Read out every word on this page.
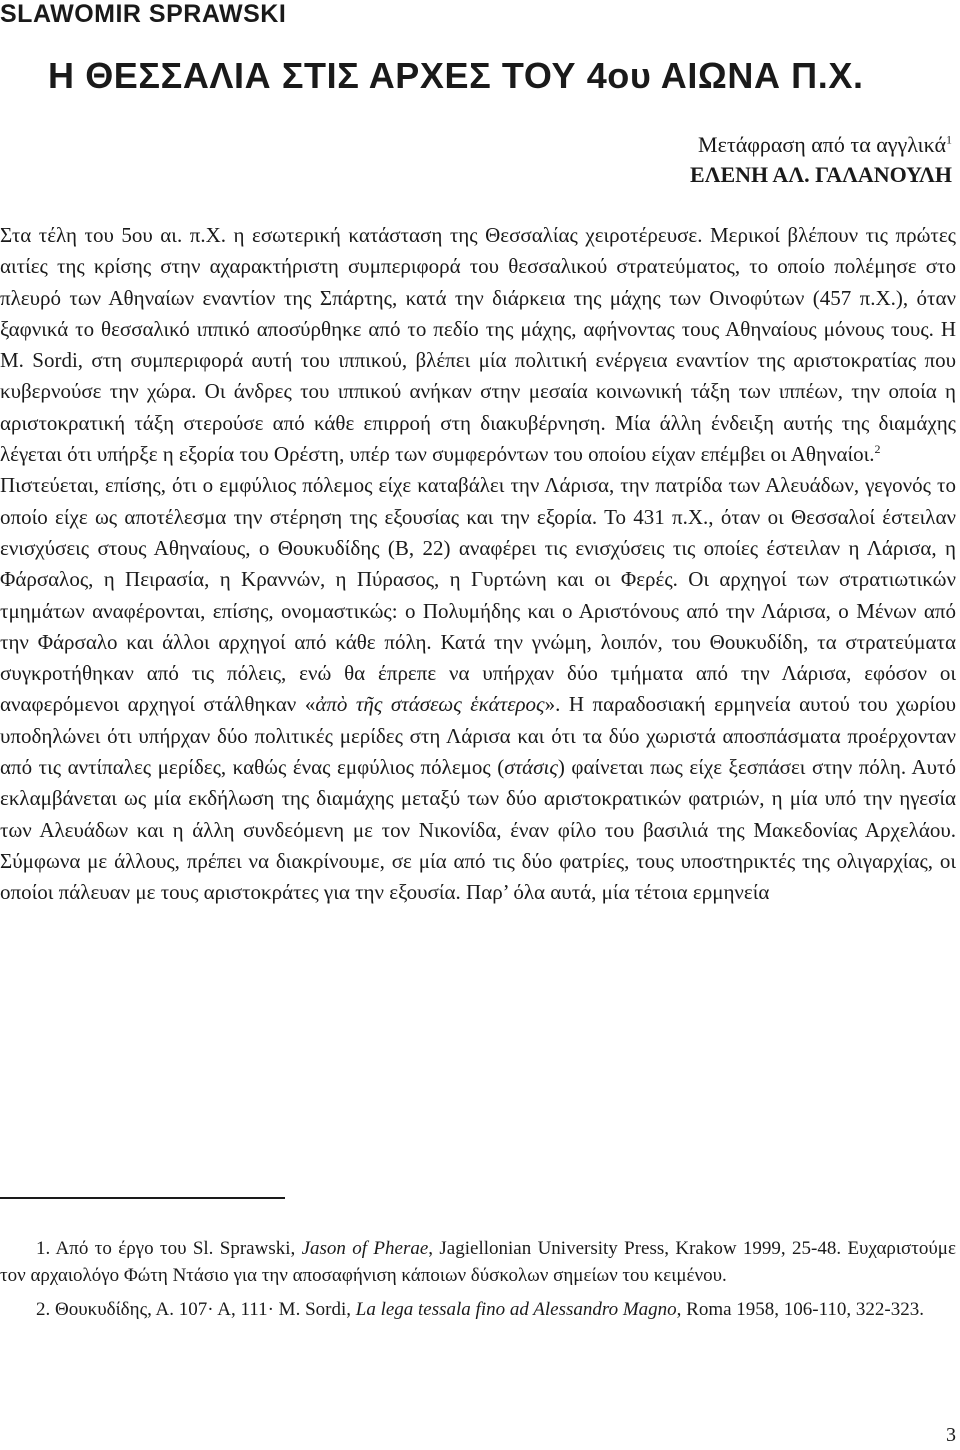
SLAWOMIR SPRAWSKI
Η ΘΕΣΣΑΛΙΑ ΣΤΙΣ ΑΡΧΕΣ ΤΟΥ 4ου ΑΙΩΝΑ Π.Χ.
Μετάφραση από τα αγγλικά$^1$
ΕΛΕΝΗ ΑΛ. ΓΑΛΑΝΟΥΛΗ

Στα τέλη του 5ου αι. π.Χ. η εσωτερική κατάσταση της Θεσσαλίας χειροτέρευσε. Μερικοί βλέπουν τις πρώτες αιτίες της κρίσης στην αχαρακτήριστη συμπεριφορά του θεσσαλικού στρατεύματος, το οποίο πολέμησε στο πλευρό των Αθηναίων εναντίον της Σπάρτης, κατά την διάρκεια της μάχης των Οινοφύτων (457 π.Χ.), όταν ξαφνικά το θεσσαλικό ιππικό αποσύρθηκε από το πεδίο της μάχης, αφήνοντας τους Αθηναίους μόνους τους. Η Μ. Sordi, στη συμπεριφορά αυτή του ιππικού, βλέπει μία πολιτική ενέργεια εναντίον της αριστοκρατίας που κυβερνούσε την χώρα. Οι άνδρες του ιππικού ανήκαν στην μεσαία κοινωνική τάξη των ιππέων, την οποία η αριστοκρατική τάξη στερούσε από κάθε επιρροή στη διακυβέρνηση. Μία άλλη ένδειξη αυτής της διαμάχης λέγεται ότι υπήρξε η εξορία του Ορέστη, υπέρ των συμφερόντων του οποίου είχαν επέμβει οι Αθηναίοι.$^2$

Πιστεύεται, επίσης, ότι ο εμφύλιος πόλεμος είχε καταβάλει την Λάρισα, την πατρίδα των Αλευάδων, γεγονός το οποίο είχε ως αποτέλεσμα την στέρηση της εξουσίας και την εξορία. Το 431 π.Χ., όταν οι Θεσσαλοί έστειλαν ενισχύσεις στους Αθηναίους, ο Θουκυδίδης (Β, 22) αναφέρει τις ενισχύσεις τις οποίες έστειλαν η Λάρισα, η Φάρσαλος, η Πειρασία, η Κραννών, η Πύρασος, η Γυρτώνη και οι Φερές. Οι αρχηγοί των στρατιωτικών τμημάτων αναφέρονται, επίσης, ονομαστικώς: ο Πολυμήδης και ο Αριστόνους από την Λάρισα, ο Μένων από την Φάρσαλο και άλλοι αρχηγοί από κάθε πόλη. Κατά την γνώμη, λοιπόν, του Θουκυδίδη, τα στρατεύματα συγκροτήθηκαν από τις πόλεις, ενώ θα έπρεπε να υπήρχαν δύο τμήματα από την Λάρισα, εφόσον οι αναφερόμενοι αρχηγοί στάλθηκαν «ἀπὸ τῆς στάσεως ἑκάτερος». Η παραδοσιακή ερμηνεία αυτού του χωρίου υποδηλώνει ότι υπήρχαν δύο πολιτικές μερίδες στη Λάρισα και ότι τα δύο χωριστά αποσπάσματα προέρχονταν από τις αντίπαλες μερίδες, καθώς ένας εμφύλιος πόλεμος (στάσις) φαίνεται πως είχε ξεσπάσει στην πόλη. Αυτό εκλαμβάνεται ως μία εκδήλωση της διαμάχης μεταξύ των δύο αριστοκρατικών φατριών, η μία υπό την ηγεσία των Αλευάδων και η άλλη συνδεόμενη με τον Νικονίδα, έναν φίλο του βασιλιά της Μακεδονίας Αρχελάου. Σύμφωνα με άλλους, πρέπει να διακρίνουμε, σε μία από τις δύο φατρίες, τους υποστηρικτές της ολιγαρχίας, οι οποίοι πάλευαν με τους αριστοκράτες για την εξουσία. Παρ’ όλα αυτά, μία τέτοια ερμηνεία

1. Από το έργο του Sl. Sprawski, Jason of Pherae, Jagiellonian University Press, Krakow 1999, 25-48. Ευχαριστούμε τον αρχαιολόγο Φώτη Ντάσιο για την αποσαφήνιση κάποιων δύσκολων σημείων του κειμένου.

2. Θουκυδίδης, Α. 107· Α, 111· Μ. Sordi, La lega tessala fino ad Alessandro Magno, Roma 1958, 106-110, 322-323.

3
